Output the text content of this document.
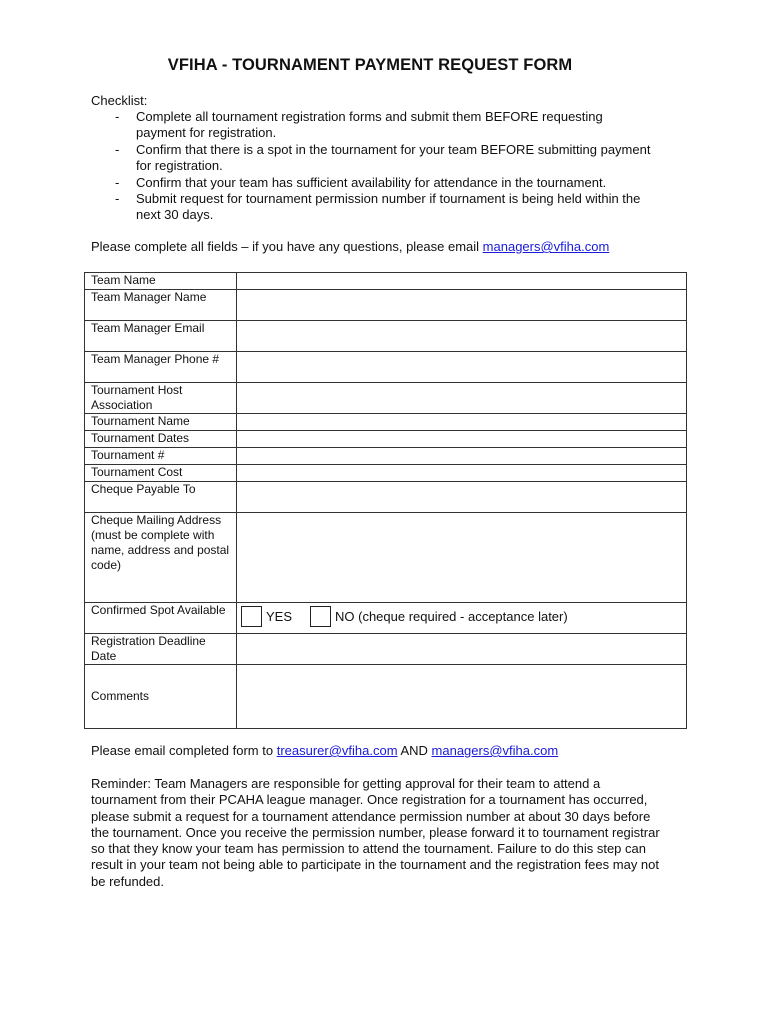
VFIHA - TOURNAMENT PAYMENT REQUEST FORM
Checklist:
- Complete all tournament registration forms and submit them BEFORE requesting payment for registration.
- Confirm that there is a spot in the tournament for your team BEFORE submitting payment for registration.
- Confirm that your team has sufficient availability for attendance in the tournament.
- Submit request for tournament permission number if tournament is being held within the next 30 days.
Please complete all fields – if you have any questions, please email managers@vfiha.com
Team Name	
Team Manager Name	
Team Manager Email	
Team Manager Phone #	
Tournament Host Association	
Tournament Name	
Tournament Dates	
Tournament #	
Tournament Cost	
Cheque Payable To	
Cheque Mailing Address (must be complete with name, address and postal code)	
Confirmed Spot Available	YES NO (cheque required - acceptance later)

Registration Deadline Date	
Comments	
Please email completed form to treasurer@vfiha.com AND managers@vfiha.com
Reminder: Team Managers are responsible for getting approval for their team to attend a tournament from their PCAHA league manager. Once registration for a tournament has occurred, please submit a request for a tournament attendance permission number at about 30 days before the tournament. Once you receive the permission number, please forward it to tournament registrar so that they know your team has permission to attend the tournament. Failure to do this step can result in your team not being able to participate in the tournament and the registration fees may not be refunded.
